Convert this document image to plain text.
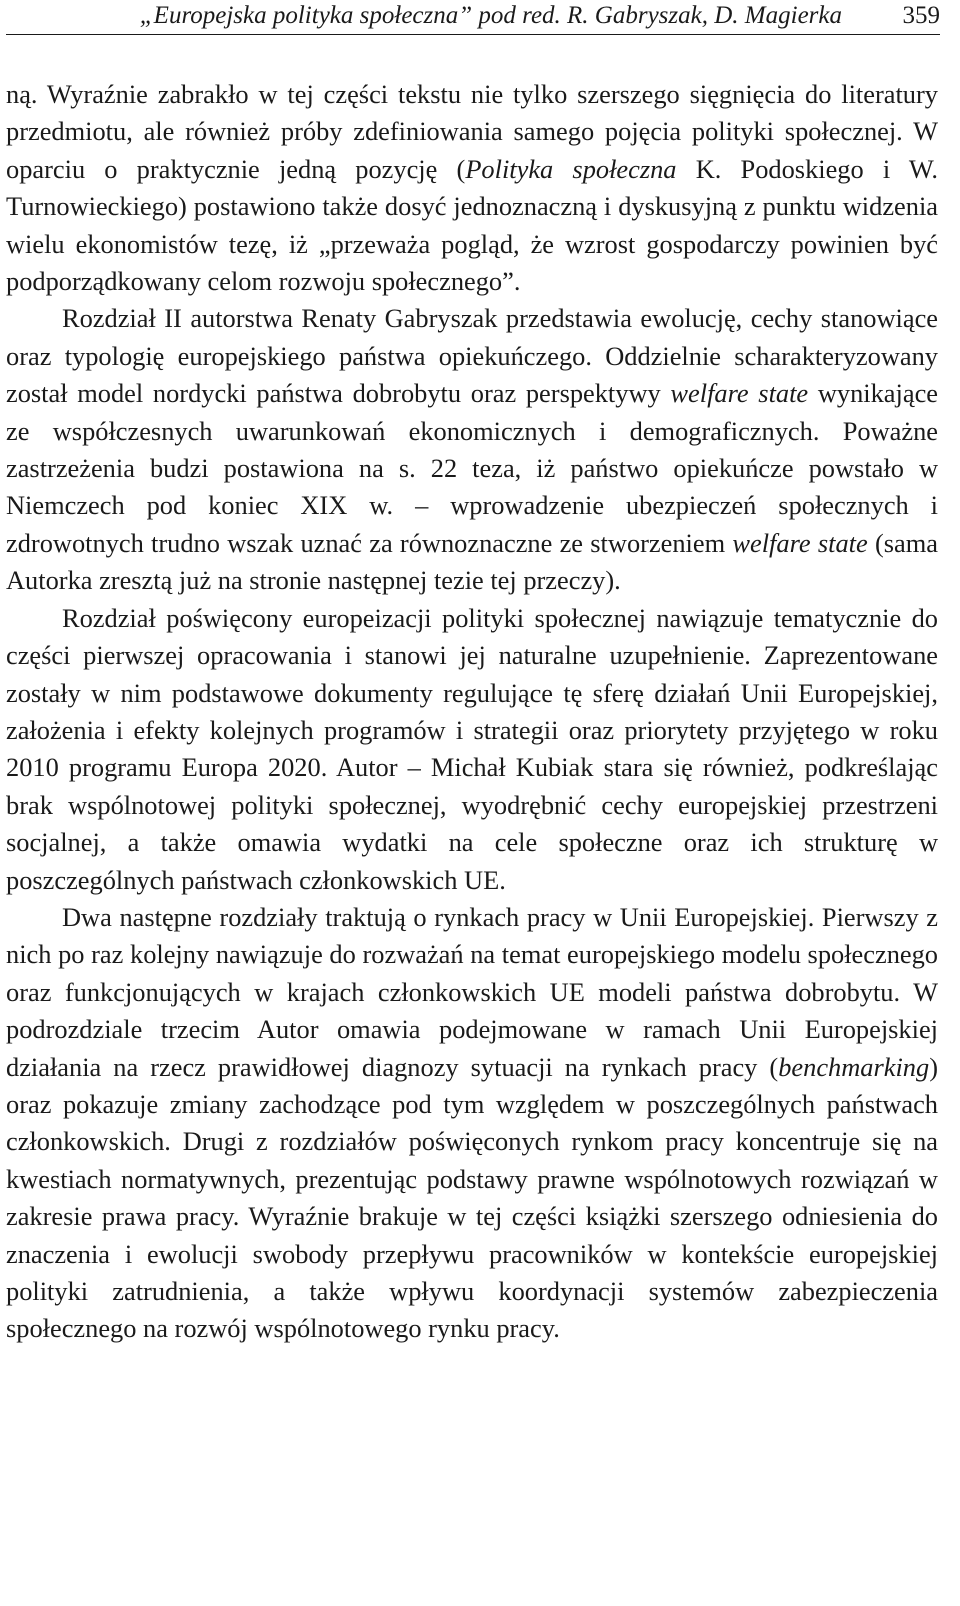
„Europejska polityka społeczna” pod red. R. Gabryszak, D. Magierka 359

ną. Wyraźnie zabrakło w tej części tekstu nie tylko szerszego sięgnięcia do literatury przedmiotu, ale również próby zdefiniowania samego pojęcia polityki społecznej. W oparciu o praktycznie jedną pozycję (Polityka społeczna K. Podoskiego i W. Turnowieckiego) postawiono także dosyć jednoznaczną i dyskusyjną z punktu widzenia wielu ekonomistów tezę, iż „przeważa pogląd, że wzrost gospodarczy powinien być podporządkowany celom rozwoju społecznego”.

Rozdział II autorstwa Renaty Gabryszak przedstawia ewolucję, cechy stanowiące oraz typologię europejskiego państwa opiekuńczego. Oddzielnie scharakteryzowany został model nordycki państwa dobrobytu oraz perspektywy welfare state wynikające ze współczesnych uwarunkowań ekonomicznych i demograficznych. Poważne zastrzeżenia budzi postawiona na s. 22 teza, iż państwo opiekuńcze powstało w Niemczech pod koniec XIX w. – wprowadzenie ubezpieczeń społecznych i zdrowotnych trudno wszak uznać za równoznaczne ze stworzeniem welfare state (sama Autorka zresztą już na stronie następnej tezie tej przeczy).

Rozdział poświęcony europeizacji polityki społecznej nawiązuje tematycznie do części pierwszej opracowania i stanowi jej naturalne uzupełnienie. Zaprezentowane zostały w nim podstawowe dokumenty regulujące tę sferę działań Unii Europejskiej, założenia i efekty kolejnych programów i strategii oraz priorytety przyjętego w roku 2010 programu Europa 2020. Autor – Michał Kubiak stara się również, podkreślając brak wspólnotowej polityki społecznej, wyodrębnić cechy europejskiej przestrzeni socjalnej, a także omawia wydatki na cele społeczne oraz ich strukturę w poszczególnych państwach członkowskich UE.

Dwa następne rozdziały traktują o rynkach pracy w Unii Europejskiej. Pierwszy z nich po raz kolejny nawiązuje do rozważań na temat europejskiego modelu społecznego oraz funkcjonujących w krajach członkowskich UE modeli państwa dobrobytu. W podrozdziale trzecim Autor omawia podejmowane w ramach Unii Europejskiej działania na rzecz prawidłowej diagnozy sytuacji na rynkach pracy (benchmarking) oraz pokazuje zmiany zachodzące pod tym względem w poszczególnych państwach członkowskich. Drugi z rozdziałów poświęconych rynkom pracy koncentruje się na kwestiach normatywnych, prezentując podstawy prawne wspólnotowych rozwiązań w zakresie prawa pracy. Wyraźnie brakuje w tej części książki szerszego odniesienia do znaczenia i ewolucji swobody przepływu pracowników w kontekście europejskiej polityki zatrudnienia, a także wpływu koordynacji systemów zabezpieczenia społecznego na rozwój wspólnotowego rynku pracy.
